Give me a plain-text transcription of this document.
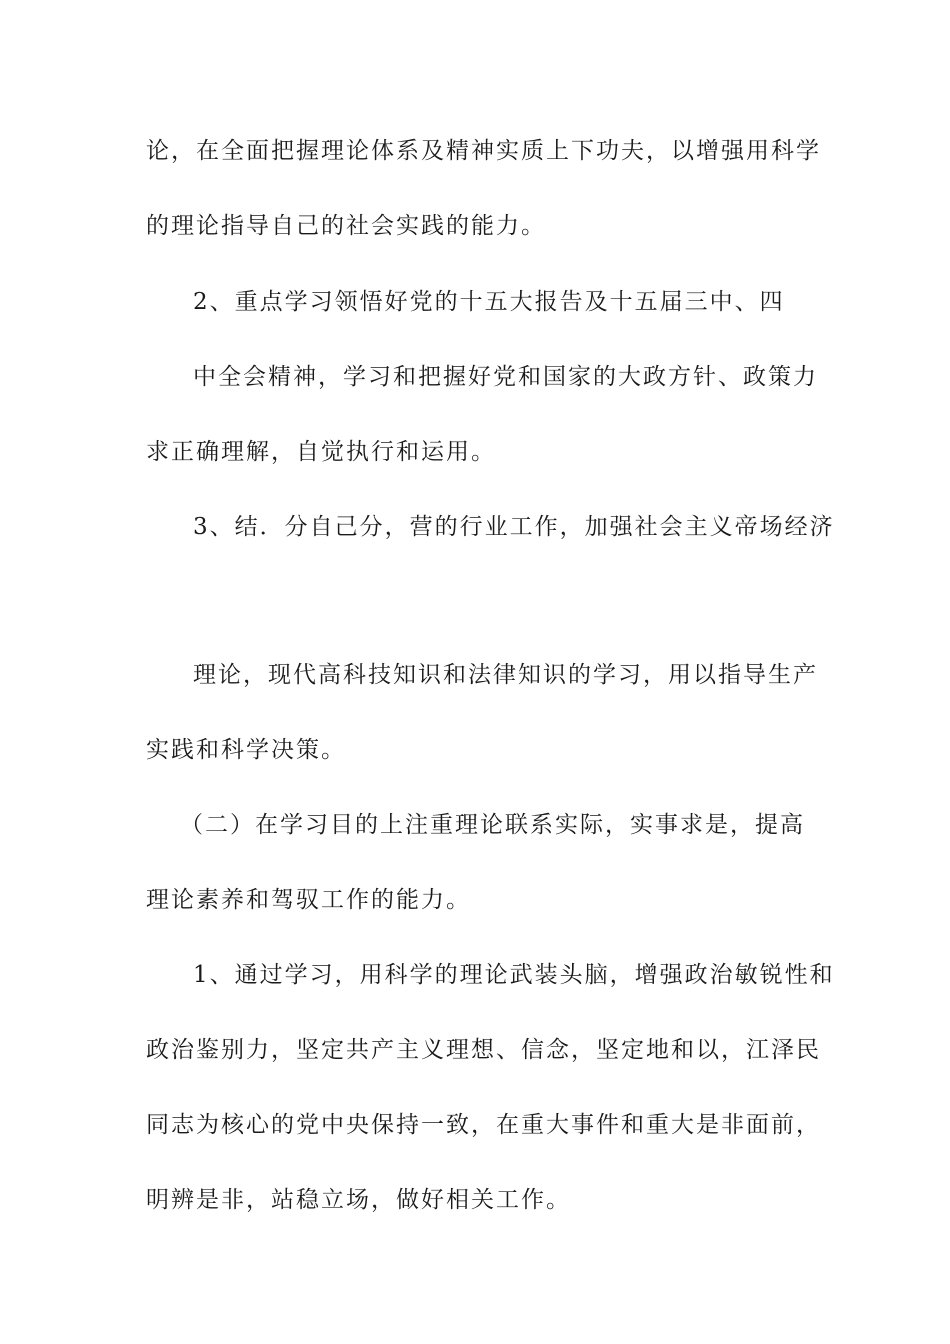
论，在全面把握理论体系及精神实质上下功夫，以增强用科学
的理论指导自己的社会实践的能力。
2、重点学习领悟好党的十五大报告及十五届三中、四
中全会精神，学习和把握好党和国家的大政方针、政策力
求正确理解，自觉执行和运用。
3、结．分自己分，营的行业工作，加强社会主义帝场经济
理论，现代高科技知识和法律知识的学习，用以指导生产
实践和科学决策。
（二）在学习目的上注重理论联系实际，实事求是，提高
理论素养和驾驭工作的能力。
1、通过学习，用科学的理论武装头脑，增强政治敏锐性和
政治鉴别力，坚定共产主义理想、信念，坚定地和以，江泽民
同志为核心的党中央保持一致，在重大事件和重大是非面前，
明辨是非，站稳立场，做好相关工作。
